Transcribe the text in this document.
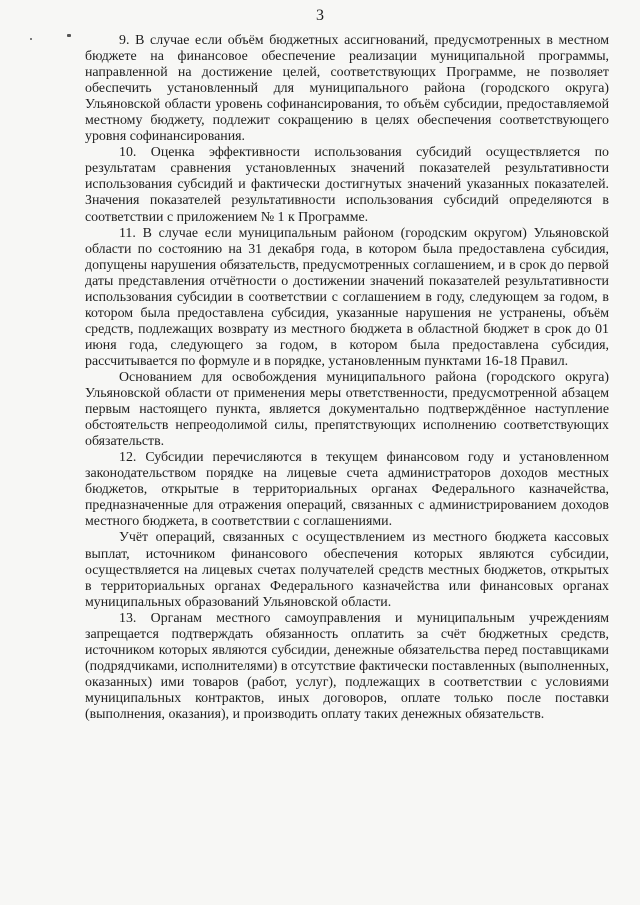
3

9. В случае если объём бюджетных ассигнований, предусмотренных в местном бюджете на финансовое обеспечение реализации муниципальной программы, направленной на достижение целей, соответствующих Программе, не позволяет обеспечить установленный для муниципального района (городского округа) Ульяновской области уровень софинансирования, то объём субсидии, предоставляемой местному бюджету, подлежит сокращению в целях обеспечения соответствующего уровня софинансирования.

10. Оценка эффективности использования субсидий осуществляется по результатам сравнения установленных значений показателей результативности использования субсидий и фактически достигнутых значений указанных показателей. Значения показателей результативности использования субсидий определяются в соответствии с приложением № 1 к Программе.

11. В случае если муниципальным районом (городским округом) Ульяновской области по состоянию на 31 декабря года, в котором была предоставлена субсидия, допущены нарушения обязательств, предусмотренных соглашением, и в срок до первой даты представления отчётности о достижении значений показателей результативности использования субсидии в соответствии с соглашением в году, следующем за годом, в котором была предоставлена субсидия, указанные нарушения не устранены, объём средств, подлежащих возврату из местного бюджета в областной бюджет в срок до 01 июня года, следующего за годом, в котором была предоставлена субсидия, рассчитывается по формуле и в порядке, установленным пунктами 16-18 Правил.

Основанием для освобождения муниципального района (городского округа) Ульяновской области от применения меры ответственности, предусмотренной абзацем первым настоящего пункта, является документально подтверждённое наступление обстоятельств непреодолимой силы, препятствующих исполнению соответствующих обязательств.

12. Субсидии перечисляются в текущем финансовом году и установленном законодательством порядке на лицевые счета администраторов доходов местных бюджетов, открытые в территориальных органах Федерального казначейства, предназначенные для отражения операций, связанных с администрированием доходов местного бюджета, в соответствии с соглашениями.

Учёт операций, связанных с осуществлением из местного бюджета кассовых выплат, источником финансового обеспечения которых являются субсидии, осуществляется на лицевых счетах получателей средств местных бюджетов, открытых в территориальных органах Федерального казначейства или финансовых органах муниципальных образований Ульяновской области.

13. Органам местного самоуправления и муниципальным учреждениям запрещается подтверждать обязанность оплатить за счёт бюджетных средств, источником которых являются субсидии, денежные обязательства перед поставщиками (подрядчиками, исполнителями) в отсутствие фактически поставленных (выполненных, оказанных) ими товаров (работ, услуг), подлежащих в соответствии с условиями муниципальных контрактов, иных договоров, оплате только после поставки (выполнения, оказания), и производить оплату таких денежных обязательств.
